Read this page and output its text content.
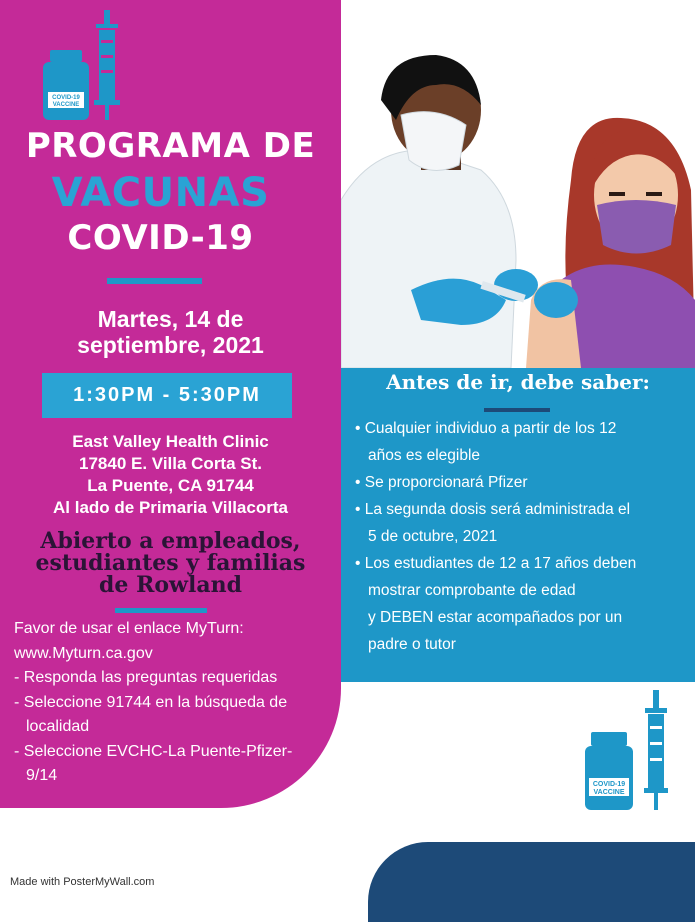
COVID-19
VACCINE
PROGRAMA DE
VACUNAS
COVID-19
Martes, 14 de
septiembre, 2021
1:30PM - 5:30PM
East Valley Health Clinic
17840 E. Villa Corta St.
La Puente, CA 91744
Al lado de Primaria Villacorta
Abierto a empleados,
estudiantes y familias
de Rowland
Favor de usar el enlace MyTurn:
www.Myturn.ca.gov
- Responda las preguntas requeridas
- Seleccione 91744 en la búsqueda de
localidad
- Seleccione EVCHC-La Puente-Pfizer-
9/14
Antes de ir, debe saber:
• Cualquier individuo a partir de los 12
años es elegible
• Se proporcionará Pfizer
• La segunda dosis será administrada el
5 de octubre, 2021
• Los estudiantes de 12 a 17 años deben
mostrar comprobante de edad
y DEBEN estar acompañados por un
padre o tutor
COVID-19
VACCINE
Made with PosterMyWall.com
